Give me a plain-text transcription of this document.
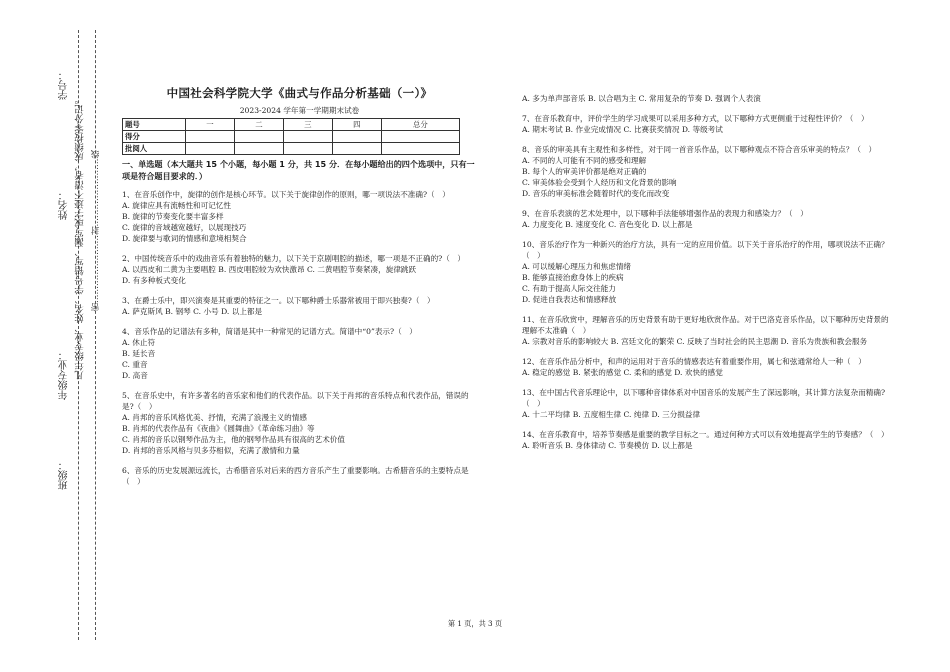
学号：
姓名：
年级专业：
班级：
凡年级专业、姓名、学号错写、漏写或字迹不清者，成绩按零分记。 密……………………封……………………线
中国社会科学院大学《曲式与作品分析基础（一）》
2023-2024 学年第一学期期末试卷
题号	一	二	三	四	总分
得分					
批阅人					
一、单选题（本大题共 15 个小题，每小题 1 分，共 15 分．在每小题给出的四个选项中，只有一项是符合题目要求的．）

1、在音乐创作中，旋律的创作是核心环节。以下关于旋律创作的原则，哪一项说法不准确?（　）

A. 旋律应具有流畅性和可记忆性

B. 旋律的节奏变化要丰富多样

C. 旋律的音域越宽越好，以展现技巧

D. 旋律要与歌词的情感和意境相契合

2、中国传统音乐中的戏曲音乐有着独特的魅力，以下关于京剧唱腔的描述，哪一项是不正确的?（　）

A. 以西皮和二黄为主要唱腔 B. 西皮唱腔较为欢快激昂 C. 二黄唱腔节奏紧凑，旋律跳跃

D. 有多种板式变化

3、在爵士乐中，即兴演奏是其重要的特征之一。以下哪种爵士乐器常被用于即兴独奏?（　）

A. 萨克斯风 B. 钢琴 C. 小号 D. 以上都是

4、音乐作品的记谱法有多种，简谱是其中一种常见的记谱方式。简谱中“0”表示?（　）

A. 休止符

B. 延长音

C. 重音

D. 高音

5、在音乐史中，有许多著名的音乐家和他们的代表作品。以下关于肖邦的音乐特点和代表作品，错误的是?（　）

A. 肖邦的音乐风格优美、抒情，充满了浪漫主义的情感

B. 肖邦的代表作品有《夜曲》《圆舞曲》《革命练习曲》等

C. 肖邦的音乐以钢琴作品为主，他的钢琴作品具有很高的艺术价值

D. 肖邦的音乐风格与贝多芬相似，充满了激情和力量

6、音乐的历史发展源远流长，古希腊音乐对后来的西方音乐产生了重要影响。古希腊音乐的主要特点是（　）

A. 多为单声部音乐 B. 以合唱为主 C. 常用复杂的节奏 D. 强调个人表演

7、在音乐教育中，评价学生的学习成果可以采用多种方式，以下哪种方式更侧重于过程性评价？（　）

A. 期末考试 B. 作业完成情况 C. 比赛获奖情况 D. 等级考试

8、音乐的审美具有主观性和多样性，对于同一首音乐作品，以下哪种观点不符合音乐审美的特点？（　）

A. 不同的人可能有不同的感受和理解

B. 每个人的审美评价都是绝对正确的

C. 审美体验会受到个人经历和文化背景的影响

D. 音乐的审美标准会随着时代的变化而改变

9、在音乐表演的艺术处理中，以下哪种手法能够增强作品的表现力和感染力？（　）

A. 力度变化 B. 速度变化 C. 音色变化 D. 以上都是

10、音乐治疗作为一种新兴的治疗方法，具有一定的应用价值。以下关于音乐治疗的作用，哪项说法不正确？（　）

A. 可以缓解心理压力和焦虑情绪

B. 能够直接治愈身体上的疾病

C. 有助于提高人际交往能力

D. 促进自我表达和情感释放

11、在音乐欣赏中，理解音乐的历史背景有助于更好地欣赏作品。对于巴洛克音乐作品，以下哪种历史背景的理解不太准确（　）

A. 宗教对音乐的影响较大 B. 宫廷文化的繁荣 C. 反映了当时社会的民主思潮 D. 音乐为贵族和教会服务

12、在音乐作品分析中，和声的运用对于音乐的情感表达有着重要作用，属七和弦通常给人一种（　）

A. 稳定的感觉 B. 紧张的感觉 C. 柔和的感觉 D. 欢快的感觉

13、在中国古代音乐理论中，以下哪种音律体系对中国音乐的发展产生了深远影响，其计算方法复杂而精确?（　）

A. 十二平均律 B. 五度相生律 C. 纯律 D. 三分损益律

14、在音乐教育中，培养节奏感是重要的教学目标之一。通过何种方式可以有效地提高学生的节奏感？（　）

A. 聆听音乐 B. 身体律动 C. 节奏模仿 D. 以上都是

第 1 页，共 3 页
